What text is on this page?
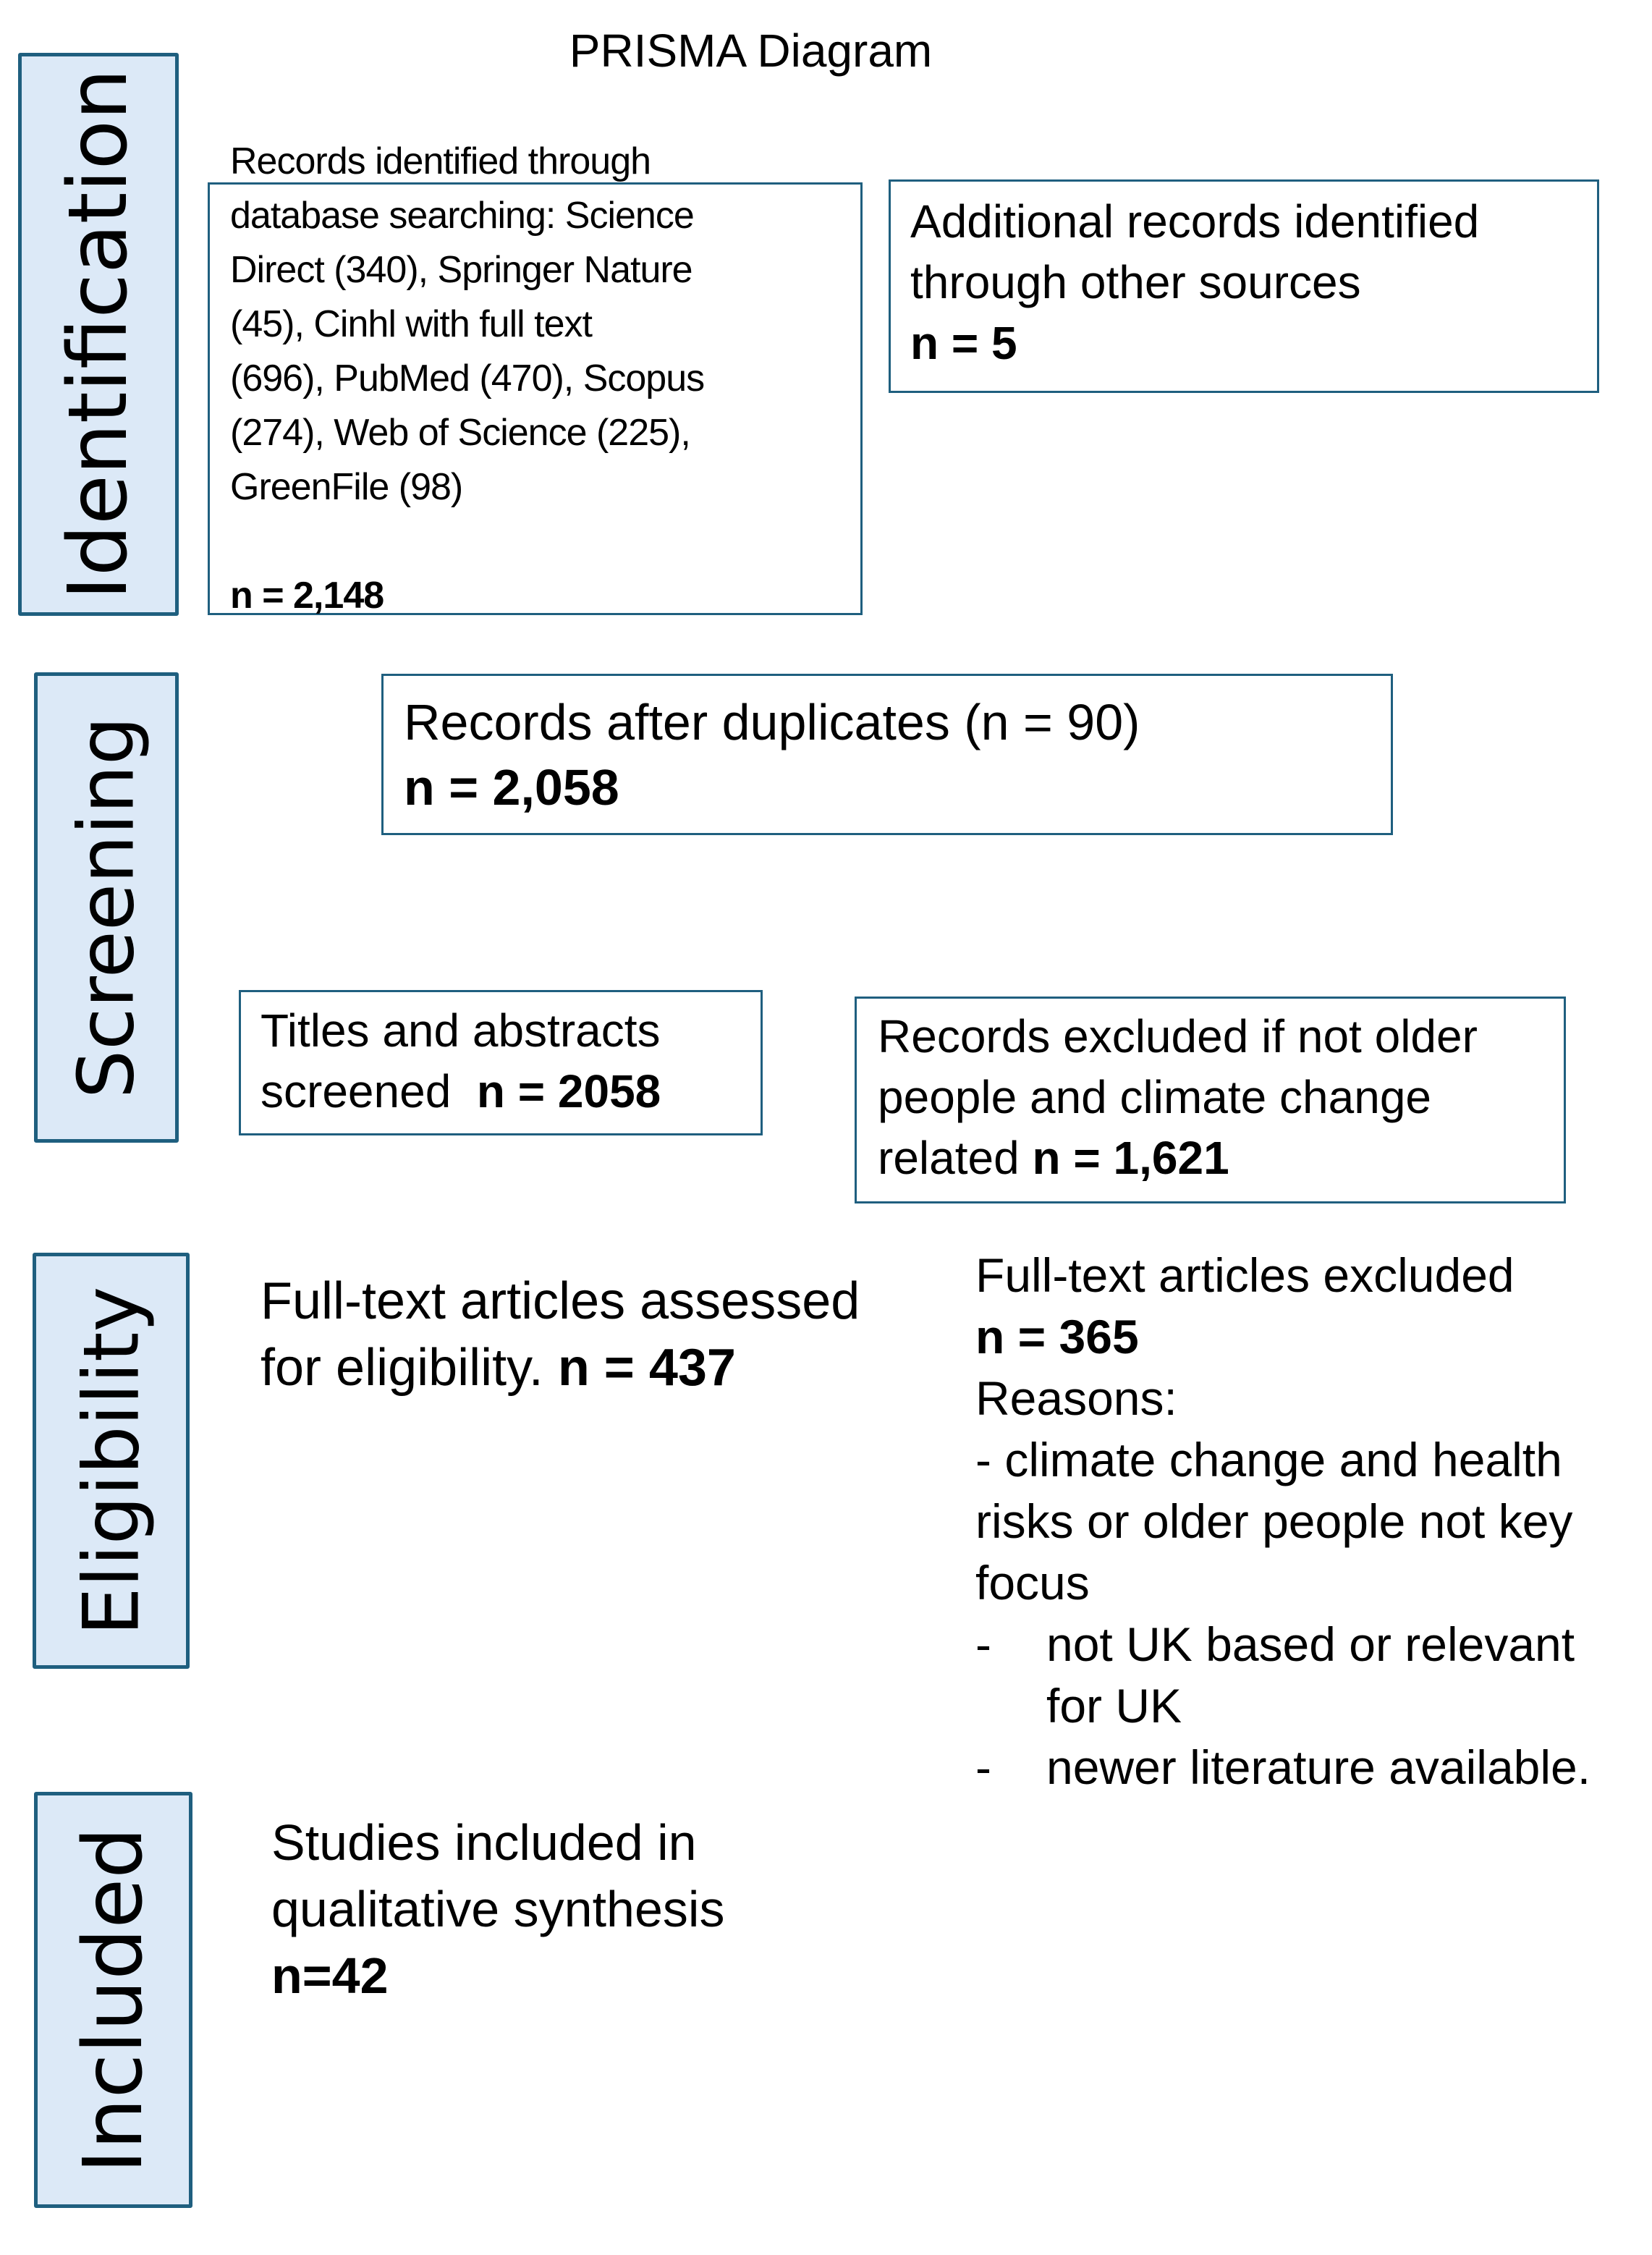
PRISMA Diagram
Identification
Screening
Eligibility
Included
Records identified through
database searching: Science
Direct (340), Springer Nature
(45), Cinhl with full text
(696), PubMed (470), Scopus
(274), Web of Science (225),
GreenFile (98)
n = 2,148
Additional records identified
through other sources
n = 5
Records after duplicates (n = 90)
n = 2,058
Titles and abstracts
screened  n = 2058
Records excluded if not older
people and climate change
related n = 1,621
Full-text articles assessed
for eligibility. n = 437
Full-text articles excluded
n = 365
Reasons:
- climate change and health
risks or older people not key
focus
-	not UK based or relevant
for UK
-	newer literature available.
Studies included in
qualitative synthesis
n=42
